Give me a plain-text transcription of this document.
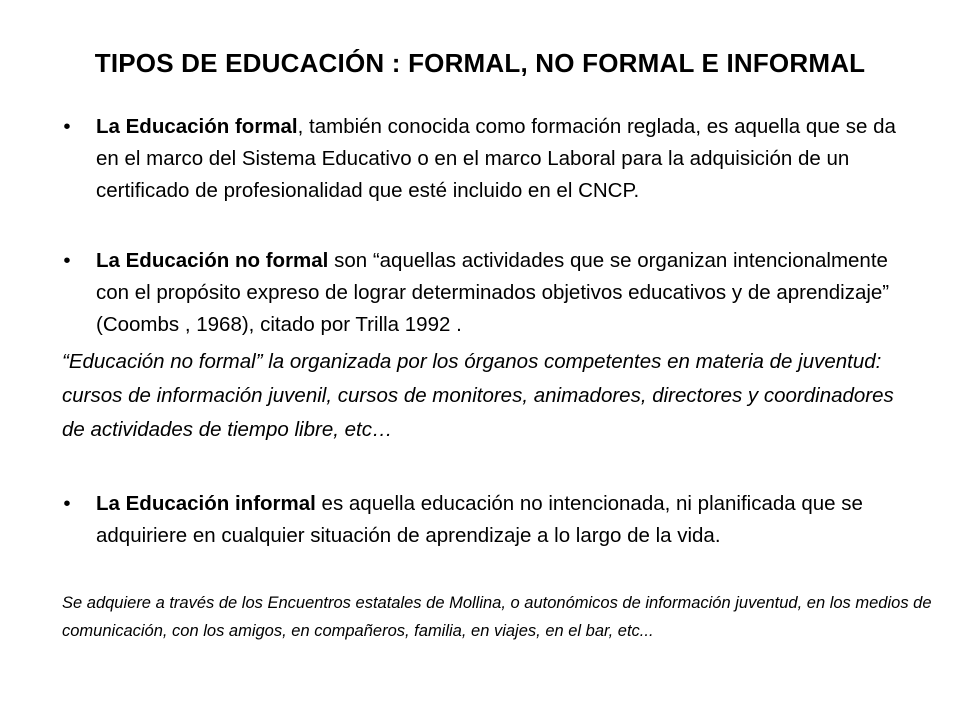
TIPOS DE EDUCACIÓN : FORMAL, NO FORMAL E INFORMAL
• La Educación formal, también conocida como formación reglada, es aquella que se da en el marco del Sistema Educativo o en el marco Laboral para la adquisición de un certificado de profesionalidad que esté incluido en el CNCP.
• La Educación no formal son “aquellas actividades que se organizan intencionalmente con el propósito expreso de lograr determinados objetivos educativos y de aprendizaje” (Coombs , 1968), citado por Trilla 1992 .
“Educación no formal” la organizada por los órganos competentes en materia de juventud: cursos de información juvenil, cursos de monitores, animadores, directores y coordinadores de actividades de tiempo libre, etc…
• La Educación informal es aquella educación no intencionada, ni planificada que se adquiriere en cualquier situación de aprendizaje a lo largo de la vida.
Se adquiere a través de los Encuentros estatales de Mollina, o autonómicos de información juventud, en los medios de comunicación, con los amigos, en compañeros, familia, en viajes, en el bar, etc...
